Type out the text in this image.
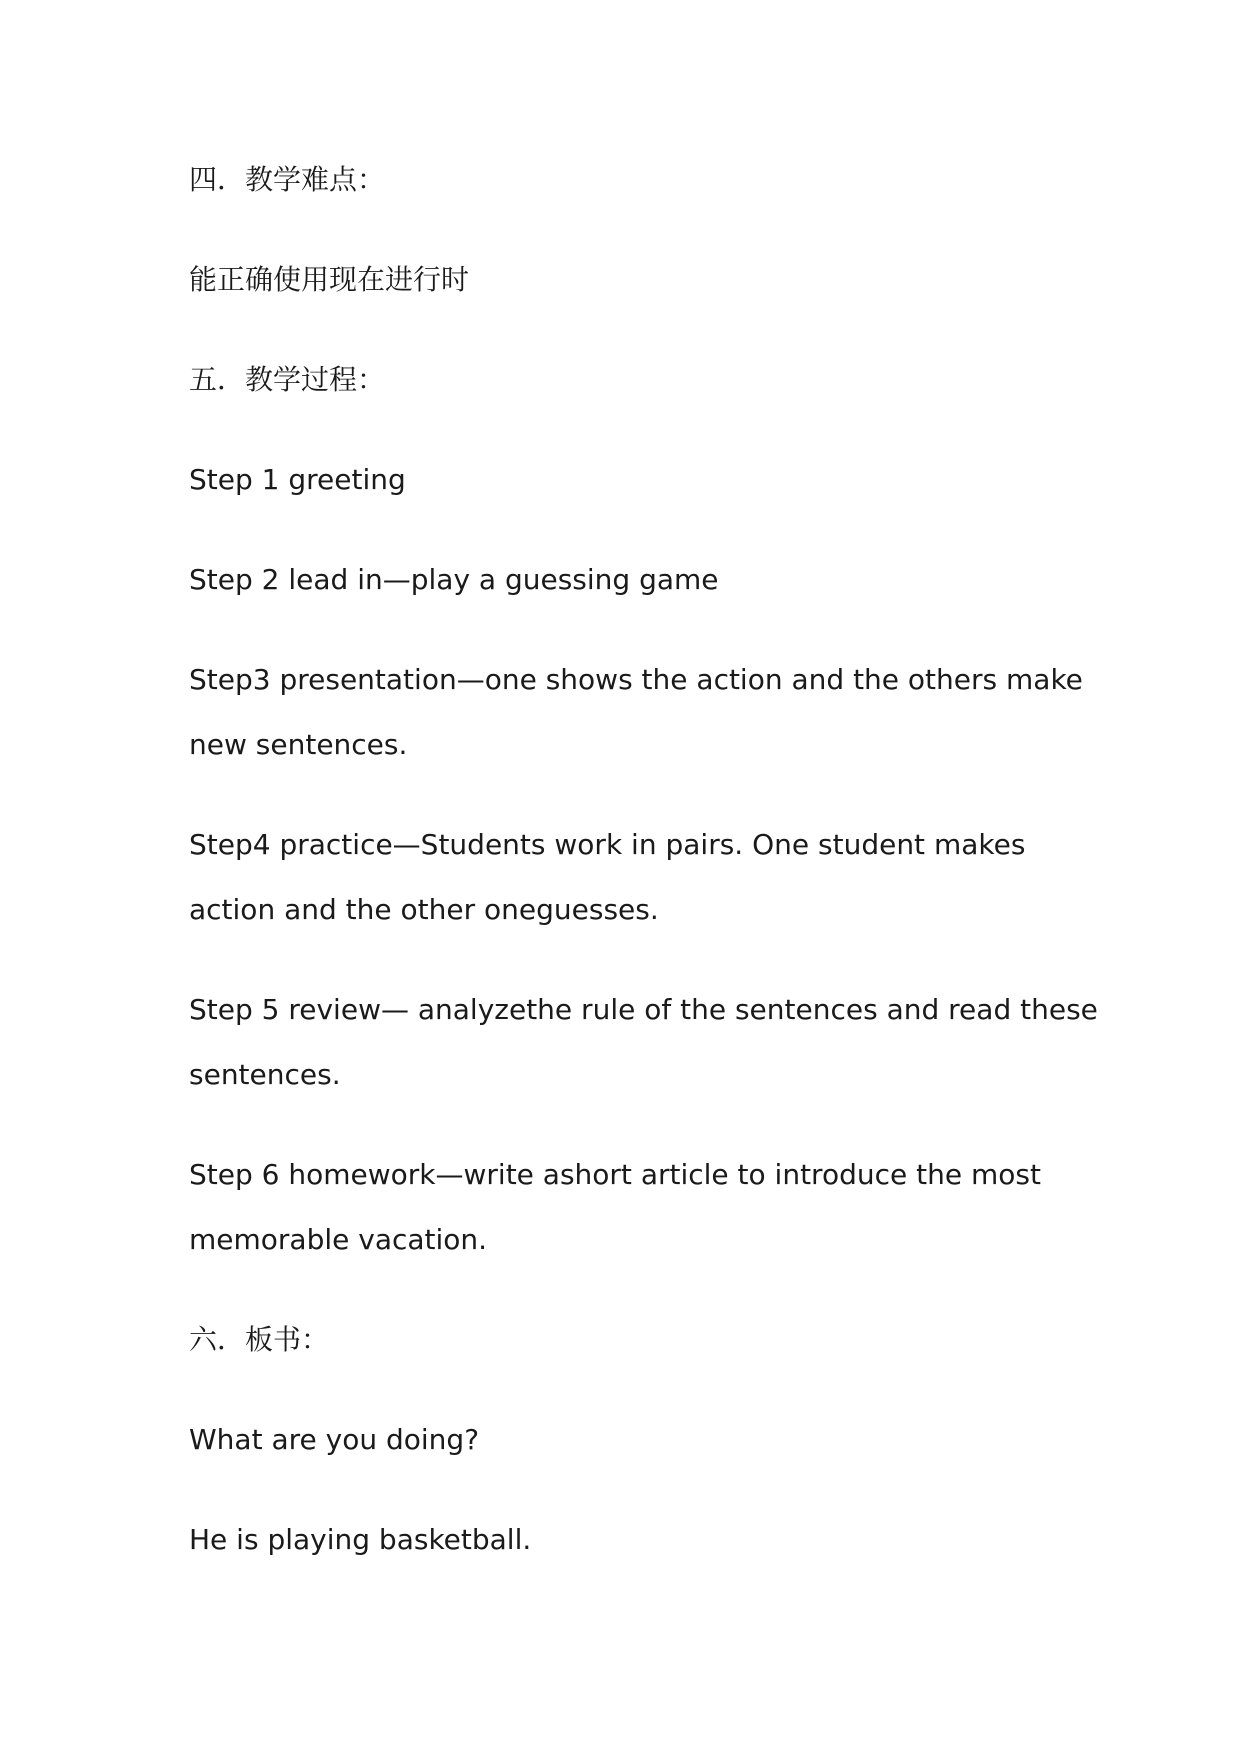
四．教学难点：

能正确使用现在进行时

五．教学过程：

Step 1 greeting

Step 2 lead in—play a guessing game

Step3 presentation—one shows the action and the others make

new sentences.

Step4 practice—Students work in pairs. One student makes

action and the other oneguesses.

Step 5 review— analyzethe rule of the sentences and read these

sentences.

Step 6 homework—write ashort article to introduce the most

memorable vacation.

六．板书：

What are you doing?

He is playing basketball.
